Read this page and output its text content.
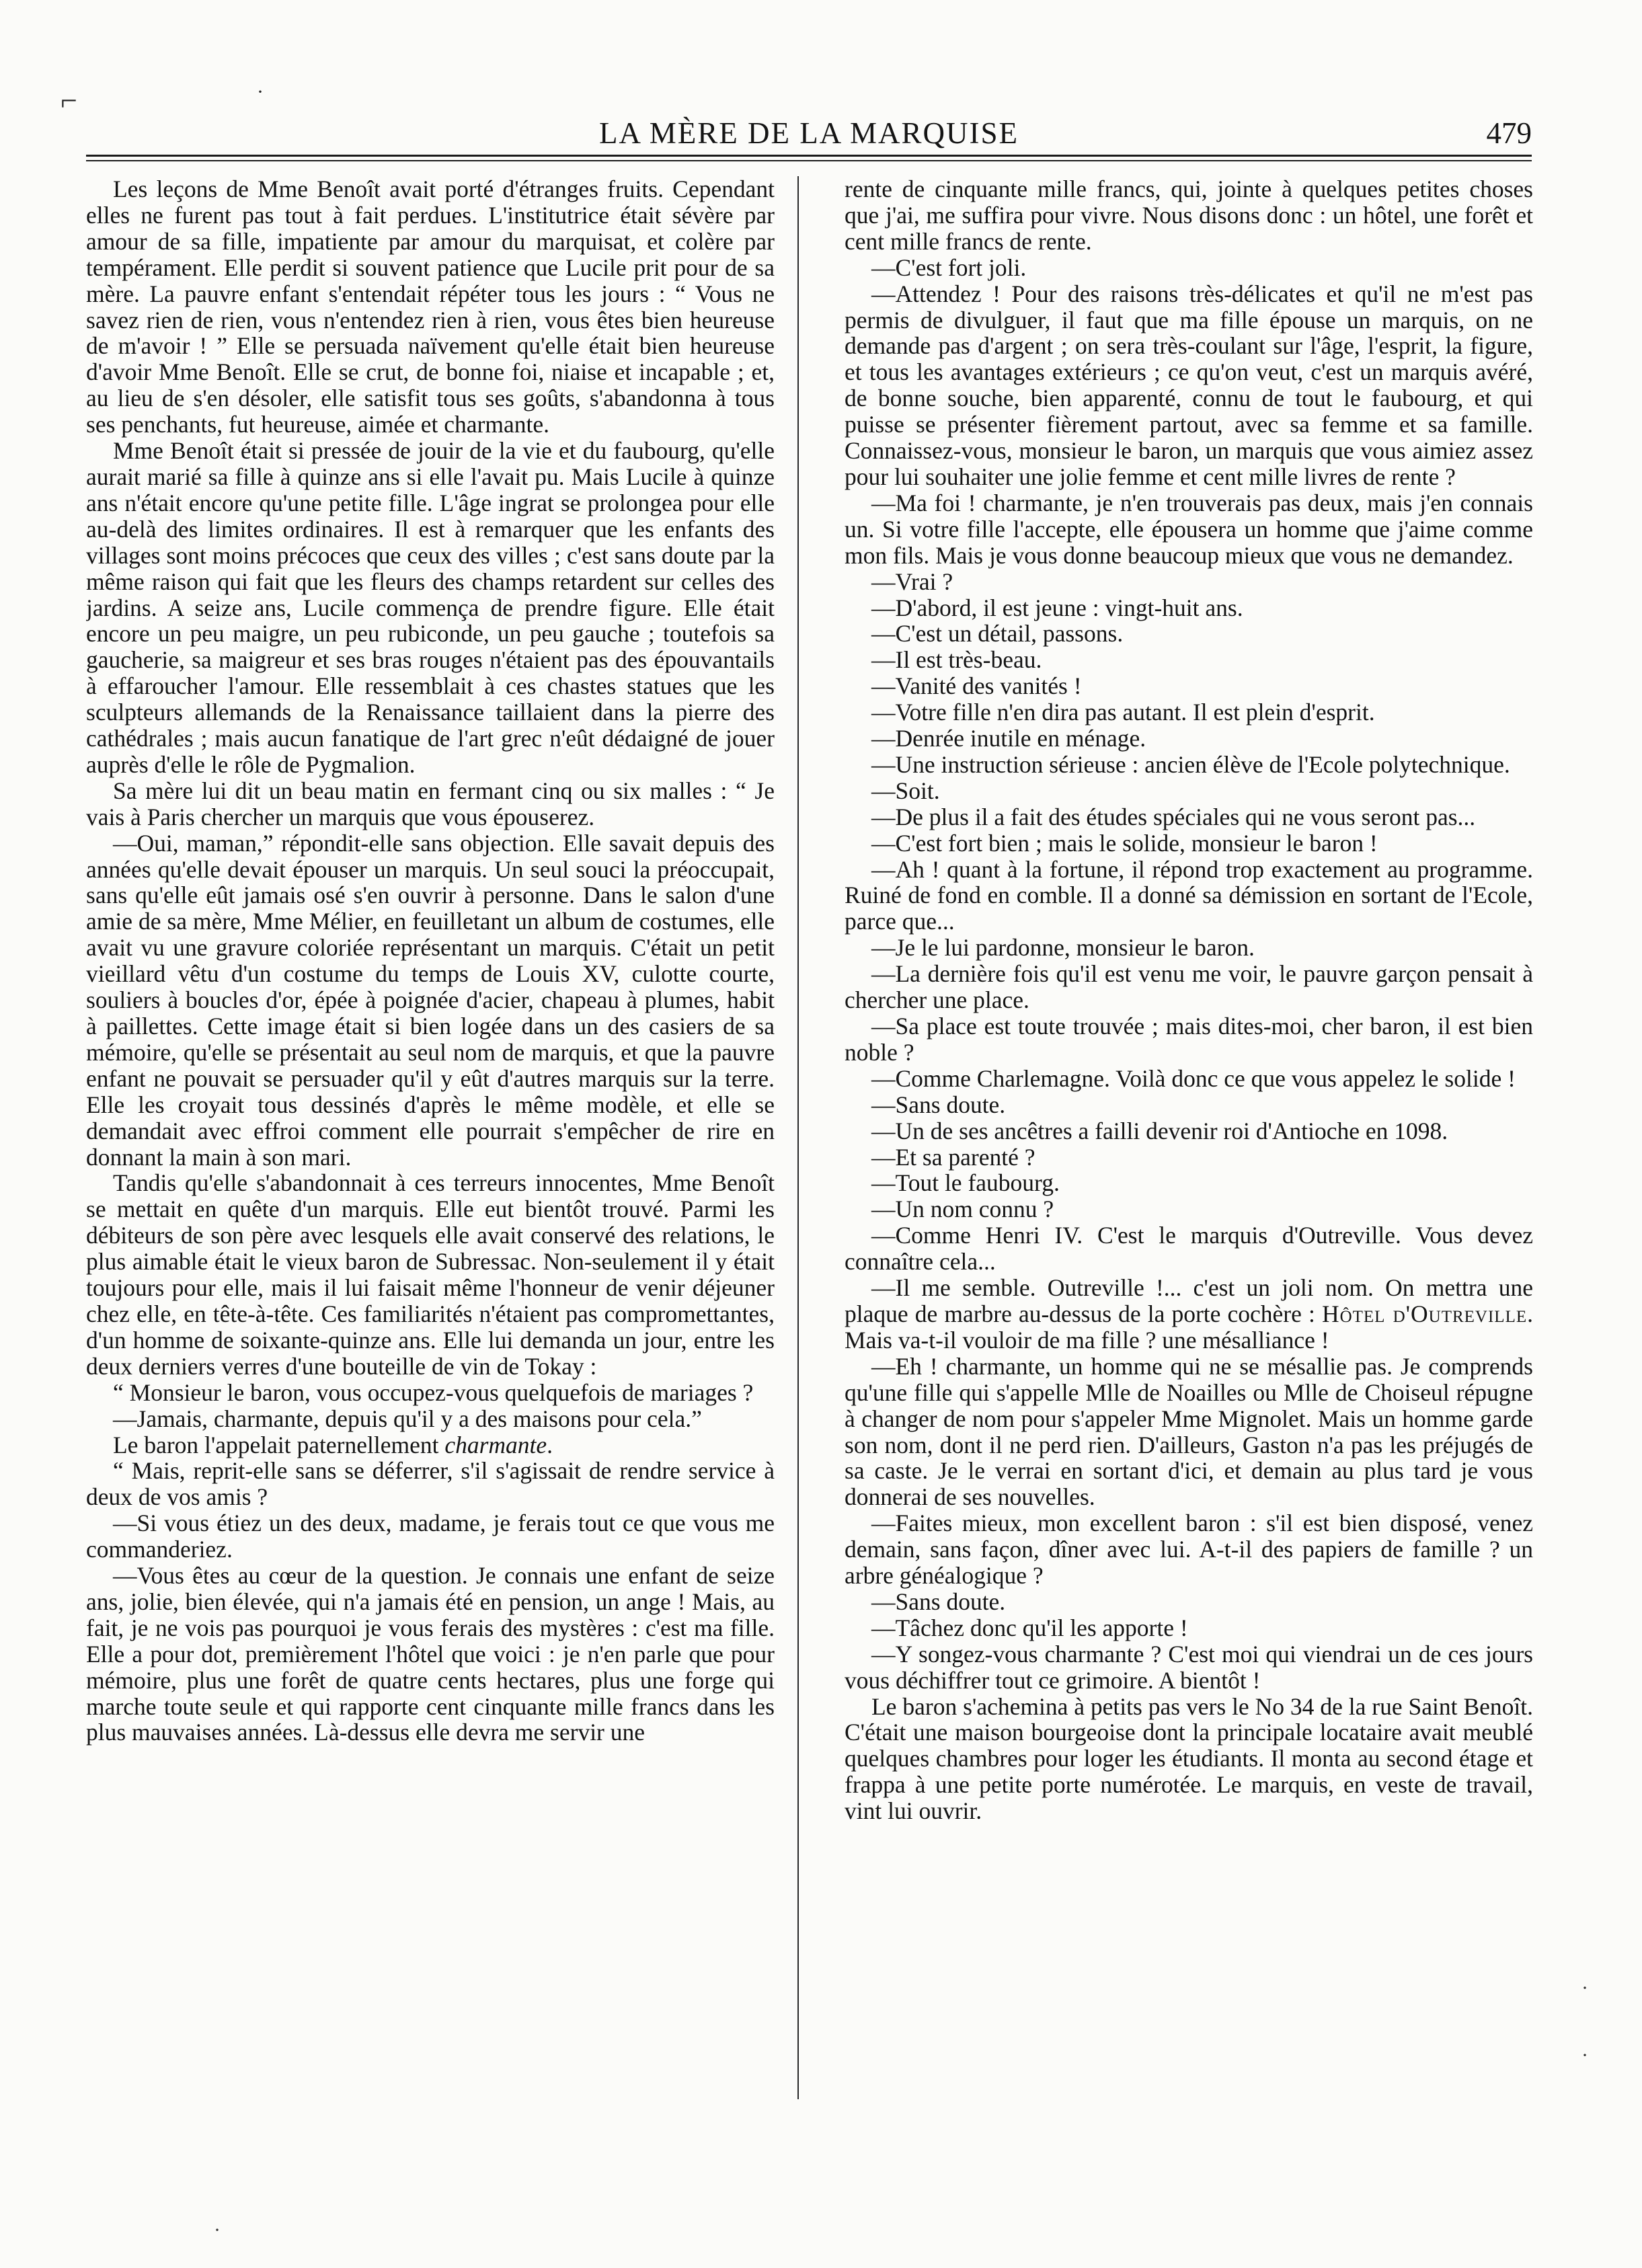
⌐	·
LA MÈRE DE LA MARQUISE	479

Les leçons de Mme Benoît avait porté d'étranges fruits. Cependant elles ne furent pas tout à fait perdues. L'institutrice était sévère par amour de sa fille, impatiente par amour du marquisat, et colère par tempérament. Elle perdit si souvent patience que Lucile prit pour de sa mère. La pauvre enfant s'entendait répéter tous les jours : “ Vous ne savez rien de rien, vous n'entendez rien à rien, vous êtes bien heureuse de m'avoir ! ” Elle se persuada naïvement qu'elle était bien heureuse d'avoir Mme Benoît. Elle se crut, de bonne foi, niaise et incapable ; et, au lieu de s'en désoler, elle satisfit tous ses goûts, s'abandonna à tous ses penchants, fut heureuse, aimée et charmante.

Mme Benoît était si pressée de jouir de la vie et du faubourg, qu'elle aurait marié sa fille à quinze ans si elle l'avait pu. Mais Lucile à quinze ans n'était encore qu'une petite fille. L'âge ingrat se prolongea pour elle au-delà des limites ordinaires. Il est à remarquer que les enfants des villages sont moins précoces que ceux des villes ; c'est sans doute par la même raison qui fait que les fleurs des champs retardent sur celles des jardins. A seize ans, Lucile commença de prendre figure. Elle était encore un peu maigre, un peu rubiconde, un peu gauche ; toutefois sa gaucherie, sa maigreur et ses bras rouges n'étaient pas des épouvantails à effaroucher l'amour. Elle ressemblait à ces chastes statues que les sculpteurs allemands de la Renaissance taillaient dans la pierre des cathédrales ; mais aucun fanatique de l'art grec n'eût dédaigné de jouer auprès d'elle le rôle de Pygmalion.

Sa mère lui dit un beau matin en fermant cinq ou six malles : “ Je vais à Paris chercher un marquis que vous épouserez.

—Oui, maman,” répondit-elle sans objection. Elle savait depuis des années qu'elle devait épouser un marquis. Un seul souci la préoccupait, sans qu'elle eût jamais osé s'en ouvrir à personne. Dans le salon d'une amie de sa mère, Mme Mélier, en feuilletant un album de costumes, elle avait vu une gravure coloriée représentant un marquis. C'était un petit vieillard vêtu d'un costume du temps de Louis XV, culotte courte, souliers à boucles d'or, épée à poignée d'acier, chapeau à plumes, habit à paillettes. Cette image était si bien logée dans un des casiers de sa mémoire, qu'elle se présentait au seul nom de marquis, et que la pauvre enfant ne pouvait se persuader qu'il y eût d'autres marquis sur la terre. Elle les croyait tous dessinés d'après le même modèle, et elle se demandait avec effroi comment elle pourrait s'empêcher de rire en donnant la main à son mari.

Tandis qu'elle s'abandonnait à ces terreurs innocentes, Mme Benoît se mettait en quête d'un marquis. Elle eut bientôt trouvé. Parmi les débiteurs de son père avec lesquels elle avait conservé des relations, le plus aimable était le vieux baron de Subressac. Non-seulement il y était toujours pour elle, mais il lui faisait même l'honneur de venir déjeuner chez elle, en tête-à-tête. Ces familiarités n'étaient pas compromettantes, d'un homme de soixante-quinze ans. Elle lui demanda un jour, entre les deux derniers verres d'une bouteille de vin de Tokay :

“ Monsieur le baron, vous occupez-vous quelquefois de mariages ?

—Jamais, charmante, depuis qu'il y a des maisons pour cela.”

Le baron l'appelait paternellement charmante.

“ Mais, reprit-elle sans se déferrer, s'il s'agissait de rendre service à deux de vos amis ?

—Si vous étiez un des deux, madame, je ferais tout ce que vous me commanderiez.

—Vous êtes au cœur de la question. Je connais une enfant de seize ans, jolie, bien élevée, qui n'a jamais été en pension, un ange ! Mais, au fait, je ne vois pas pourquoi je vous ferais des mystères : c'est ma fille. Elle a pour dot, premièrement l'hôtel que voici : je n'en parle que pour mémoire, plus une forêt de quatre cents hectares, plus une forge qui marche toute seule et qui rapporte cent cinquante mille francs dans les plus mauvaises années. Là-dessus elle devra me servir une

rente de cinquante mille francs, qui, jointe à quelques petites choses que j'ai, me suffira pour vivre. Nous disons donc : un hôtel, une forêt et cent mille francs de rente.

—C'est fort joli.

—Attendez ! Pour des raisons très-délicates et qu'il ne m'est pas permis de divulguer, il faut que ma fille épouse un marquis, on ne demande pas d'argent ; on sera très-coulant sur l'âge, l'esprit, la figure, et tous les avantages extérieurs ; ce qu'on veut, c'est un marquis avéré, de bonne souche, bien apparenté, connu de tout le faubourg, et qui puisse se présenter fièrement partout, avec sa femme et sa famille. Connaissez-vous, monsieur le baron, un marquis que vous aimiez assez pour lui souhaiter une jolie femme et cent mille livres de rente ?

—Ma foi ! charmante, je n'en trouverais pas deux, mais j'en connais un. Si votre fille l'accepte, elle épousera un homme que j'aime comme mon fils. Mais je vous donne beaucoup mieux que vous ne demandez.

—Vrai ?

—D'abord, il est jeune : vingt-huit ans.

—C'est un détail, passons.

—Il est très-beau.

—Vanité des vanités !

—Votre fille n'en dira pas autant. Il est plein d'esprit.

—Denrée inutile en ménage.

—Une instruction sérieuse : ancien élève de l'Ecole polytechnique.

—Soit.

—De plus il a fait des études spéciales qui ne vous seront pas...

—C'est fort bien ; mais le solide, monsieur le baron !

—Ah ! quant à la fortune, il répond trop exactement au programme. Ruiné de fond en comble. Il a donné sa démission en sortant de l'Ecole, parce que...

—Je le lui pardonne, monsieur le baron.

—La dernière fois qu'il est venu me voir, le pauvre garçon pensait à chercher une place.

—Sa place est toute trouvée ; mais dites-moi, cher baron, il est bien noble ?

—Comme Charlemagne. Voilà donc ce que vous appelez le solide !

—Sans doute.

—Un de ses ancêtres a failli devenir roi d'Antioche en 1098.

—Et sa parenté ?

—Tout le faubourg.

—Un nom connu ?

—Comme Henri IV. C'est le marquis d'Outreville. Vous devez connaître cela...

—Il me semble. Outreville !... c'est un joli nom. On mettra une plaque de marbre au-dessus de la porte cochère : Hôtel d'Outreville. Mais va-t-il vouloir de ma fille ? une mésalliance !

—Eh ! charmante, un homme qui ne se mésallie pas. Je comprends qu'une fille qui s'appelle Mlle de Noailles ou Mlle de Choiseul répugne à changer de nom pour s'appeler Mme Mignolet. Mais un homme garde son nom, dont il ne perd rien. D'ailleurs, Gaston n'a pas les préjugés de sa caste. Je le verrai en sortant d'ici, et demain au plus tard je vous donnerai de ses nouvelles.

—Faites mieux, mon excellent baron : s'il est bien disposé, venez demain, sans façon, dîner avec lui. A-t-il des papiers de famille ? un arbre généalogique ?

—Sans doute.

—Tâchez donc qu'il les apporte !

—Y songez-vous charmante ? C'est moi qui viendrai un de ces jours vous déchiffrer tout ce grimoire. A bientôt !

Le baron s'achemina à petits pas vers le No 34 de la rue Saint Benoît. C'était une maison bourgeoise dont la principale locataire avait meublé quelques chambres pour loger les étudiants. Il monta au second étage et frappa à une petite porte numérotée. Le marquis, en veste de travail, vint lui ouvrir.

·
·
·
